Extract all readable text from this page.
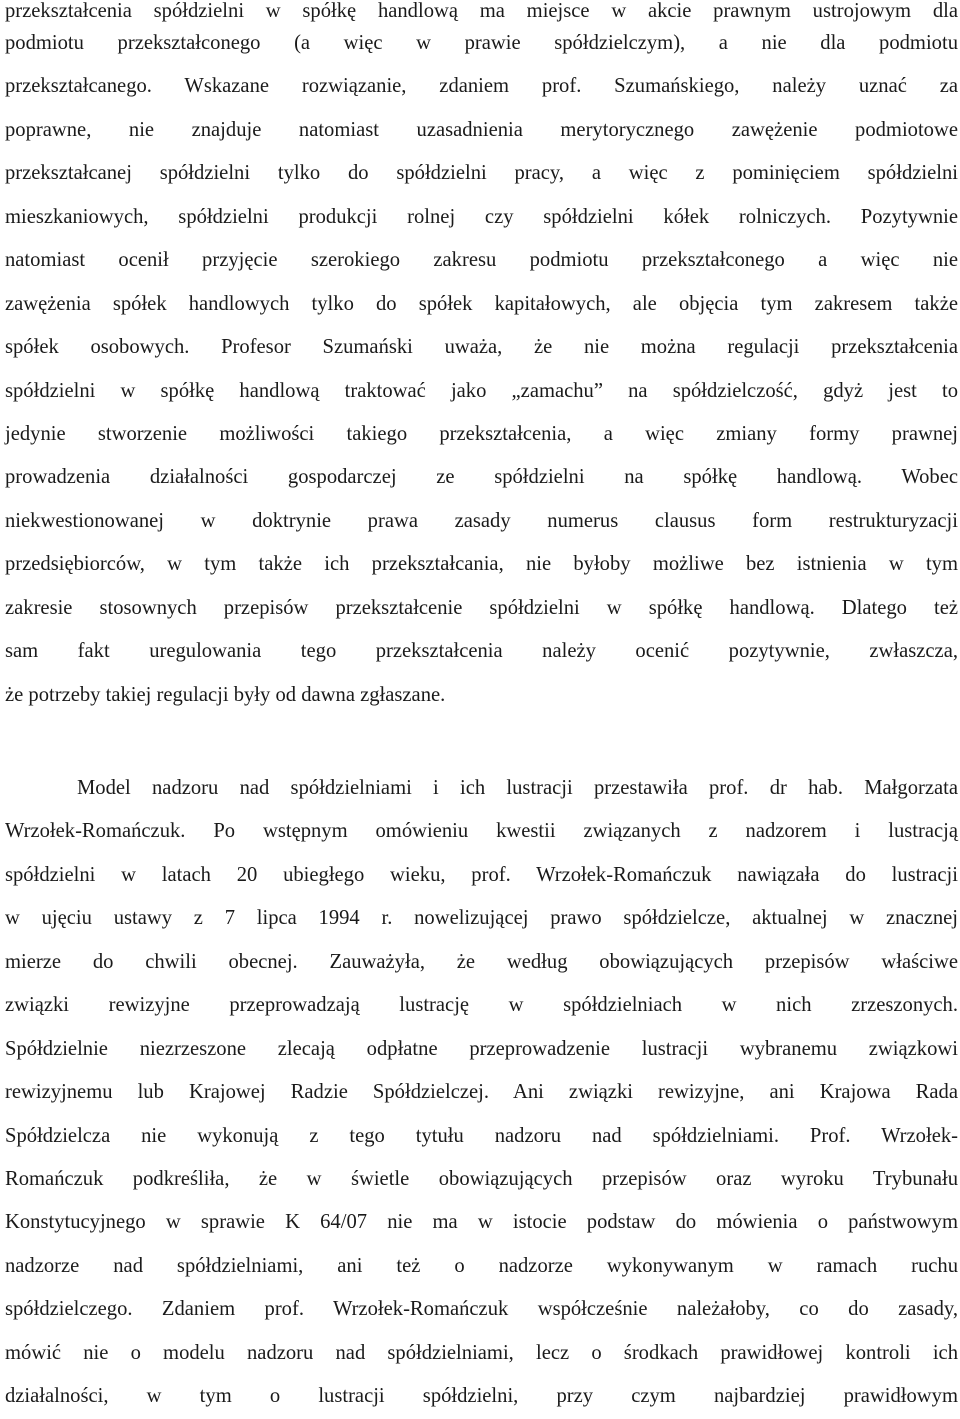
przekształcenia spółdzielni w spółkę handlową ma miejsce w akcie prawnym ustrojowym dla
podmiotu przekształconego (a więc w prawie spółdzielczym), a nie dla podmiotu
przekształcanego. Wskazane rozwiązanie, zdaniem prof. Szumańskiego, należy uznać za
poprawne, nie znajduje natomiast uzasadnienia merytorycznego zawężenie podmiotowe
przekształcanej spółdzielni tylko do spółdzielni pracy, a więc z pominięciem spółdzielni
mieszkaniowych, spółdzielni produkcji rolnej czy spółdzielni kółek rolniczych. Pozytywnie
natomiast ocenił przyjęcie szerokiego zakresu podmiotu przekształconego a więc nie
zawężenia spółek handlowych tylko do spółek kapitałowych, ale objęcia tym zakresem także
spółek osobowych. Profesor Szumański uważa, że nie można regulacji przekształcenia
spółdzielni w spółkę handlową traktować jako „zamachu” na spółdzielczość, gdyż jest to
jedynie stworzenie możliwości takiego przekształcenia, a więc zmiany formy prawnej
prowadzenia działalności gospodarczej ze spółdzielni na spółkę handlową. Wobec
niekwestionowanej w doktrynie prawa zasady numerus clausus form restrukturyzacji
przedsiębiorców, w tym także ich przekształcania, nie byłoby możliwe bez istnienia w tym
zakresie stosownych przepisów przekształcenie spółdzielni w spółkę handlową. Dlatego też
sam fakt uregulowania tego przekształcenia należy ocenić pozytywnie, zwłaszcza,
że potrzeby takiej regulacji były od dawna zgłaszane.

Model nadzoru nad spółdzielniami i ich lustracji przestawiła prof. dr hab. Małgorzata
Wrzołek-Romańczuk. Po wstępnym omówieniu kwestii związanych z nadzorem i lustracją
spółdzielni w latach 20 ubiegłego wieku, prof. Wrzołek-Romańczuk nawiązała do lustracji
w ujęciu ustawy z 7 lipca 1994 r. nowelizującej prawo spółdzielcze, aktualnej w znacznej
mierze do chwili obecnej. Zauważyła, że według obowiązujących przepisów właściwe
związki rewizyjne przeprowadzają lustrację w spółdzielniach w nich zrzeszonych.
Spółdzielnie niezrzeszone zlecają odpłatne przeprowadzenie lustracji wybranemu związkowi
rewizyjnemu lub Krajowej Radzie Spółdzielczej. Ani związki rewizyjne, ani Krajowa Rada
Spółdzielcza nie wykonują z tego tytułu nadzoru nad spółdzielniami. Prof. Wrzołek-
Romańczuk podkreśliła, że w świetle obowiązujących przepisów oraz wyroku Trybunału
Konstytucyjnego w sprawie K 64/07 nie ma w istocie podstaw do mówienia o państwowym
nadzorze nad spółdzielniami, ani też o nadzorze wykonywanym w ramach ruchu
spółdzielczego. Zdaniem prof. Wrzołek-Romańczuk współcześnie należałoby, co do zasady,
mówić nie o modelu nadzoru nad spółdzielniami, lecz o środkach prawidłowej kontroli ich
działalności, w tym o lustracji spółdzielni, przy czym najbardziej prawidłowym
